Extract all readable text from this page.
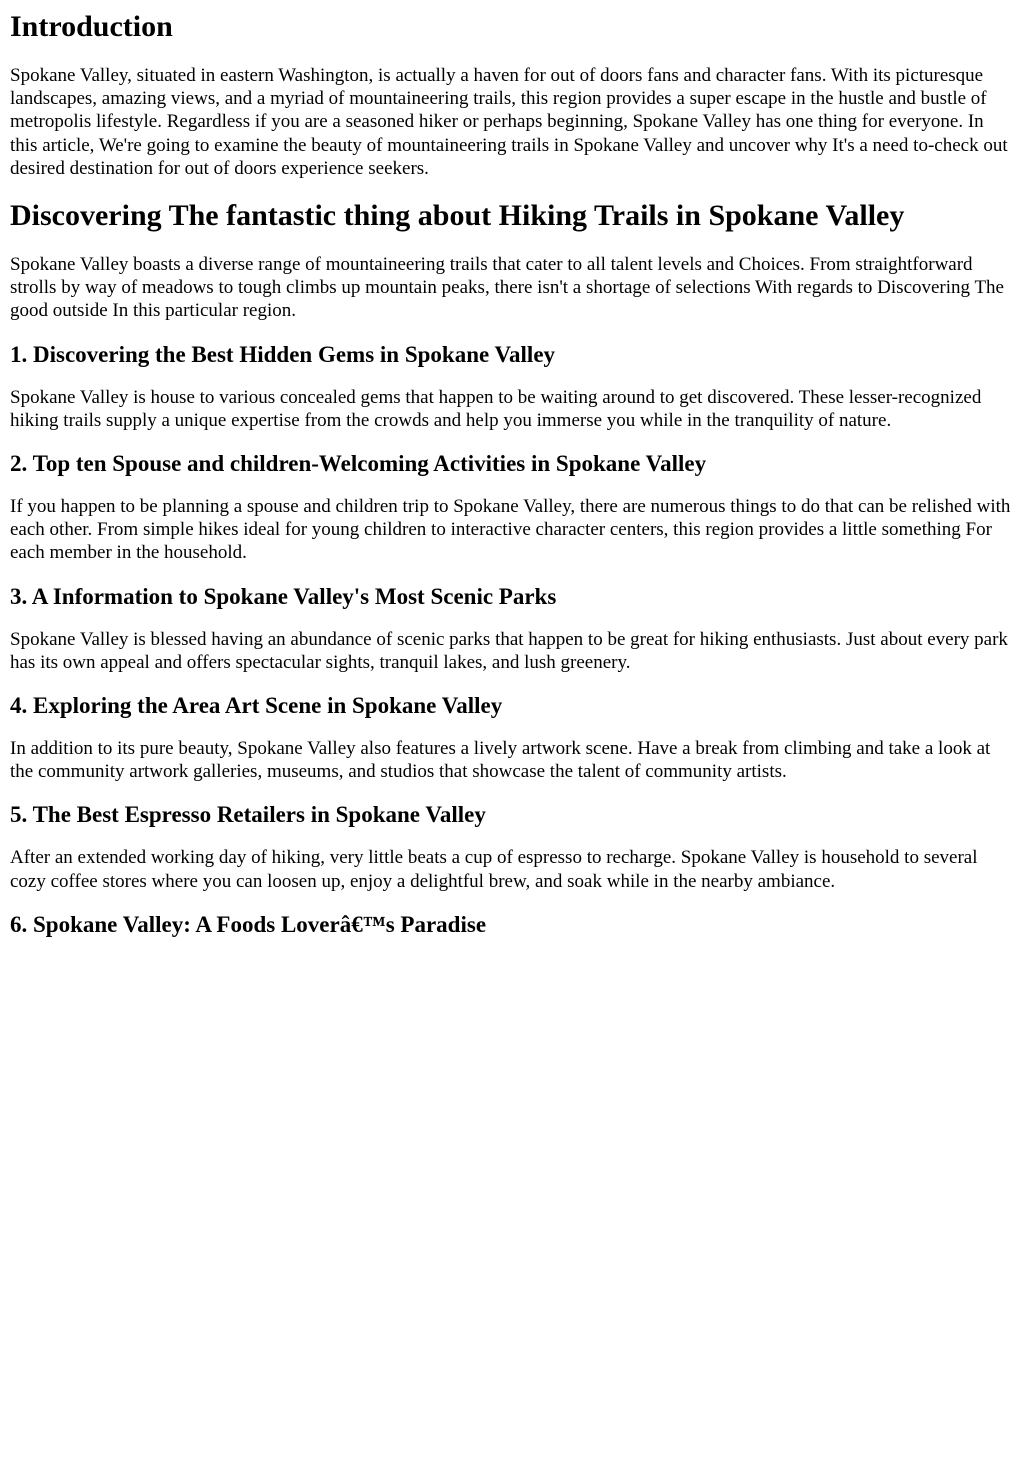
Introduction

Spokane Valley, situated in eastern Washington, is actually a haven for out of doors fans and character fans. With its picturesque landscapes, amazing views, and a myriad of mountaineering trails, this region provides a super escape in the hustle and bustle of metropolis lifestyle. Regardless if you are a seasoned hiker or perhaps beginning, Spokane Valley has one thing for everyone. In this article, We're going to examine the beauty of mountaineering trails in Spokane Valley and uncover why It's a need to-check out desired destination for out of doors experience seekers.

Discovering The fantastic thing about Hiking Trails in Spokane Valley

Spokane Valley boasts a diverse range of mountaineering trails that cater to all talent levels and Choices. From straightforward strolls by way of meadows to tough climbs up mountain peaks, there isn't a shortage of selections With regards to Discovering The good outside In this particular region.

1. Discovering the Best Hidden Gems in Spokane Valley

Spokane Valley is house to various concealed gems that happen to be waiting around to get discovered. These lesser-recognized hiking trails supply a unique expertise from the crowds and help you immerse you while in the tranquility of nature.

2. Top ten Spouse and children-Welcoming Activities in Spokane Valley

If you happen to be planning a spouse and children trip to Spokane Valley, there are numerous things to do that can be relished with each other. From simple hikes ideal for young children to interactive character centers, this region provides a little something For each member in the household.

3. A Information to Spokane Valley's Most Scenic Parks

Spokane Valley is blessed having an abundance of scenic parks that happen to be great for hiking enthusiasts. Just about every park has its own appeal and offers spectacular sights, tranquil lakes, and lush greenery.

4. Exploring the Area Art Scene in Spokane Valley

In addition to its pure beauty, Spokane Valley also features a lively artwork scene. Have a break from climbing and take a look at the community artwork galleries, museums, and studios that showcase the talent of community artists.

5. The Best Espresso Retailers in Spokane Valley

After an extended working day of hiking, very little beats a cup of espresso to recharge. Spokane Valley is household to several cozy coffee stores where you can loosen up, enjoy a delightful brew, and soak while in the nearby ambiance.

6. Spokane Valley: A Foods Loverâ€™s Paradise
